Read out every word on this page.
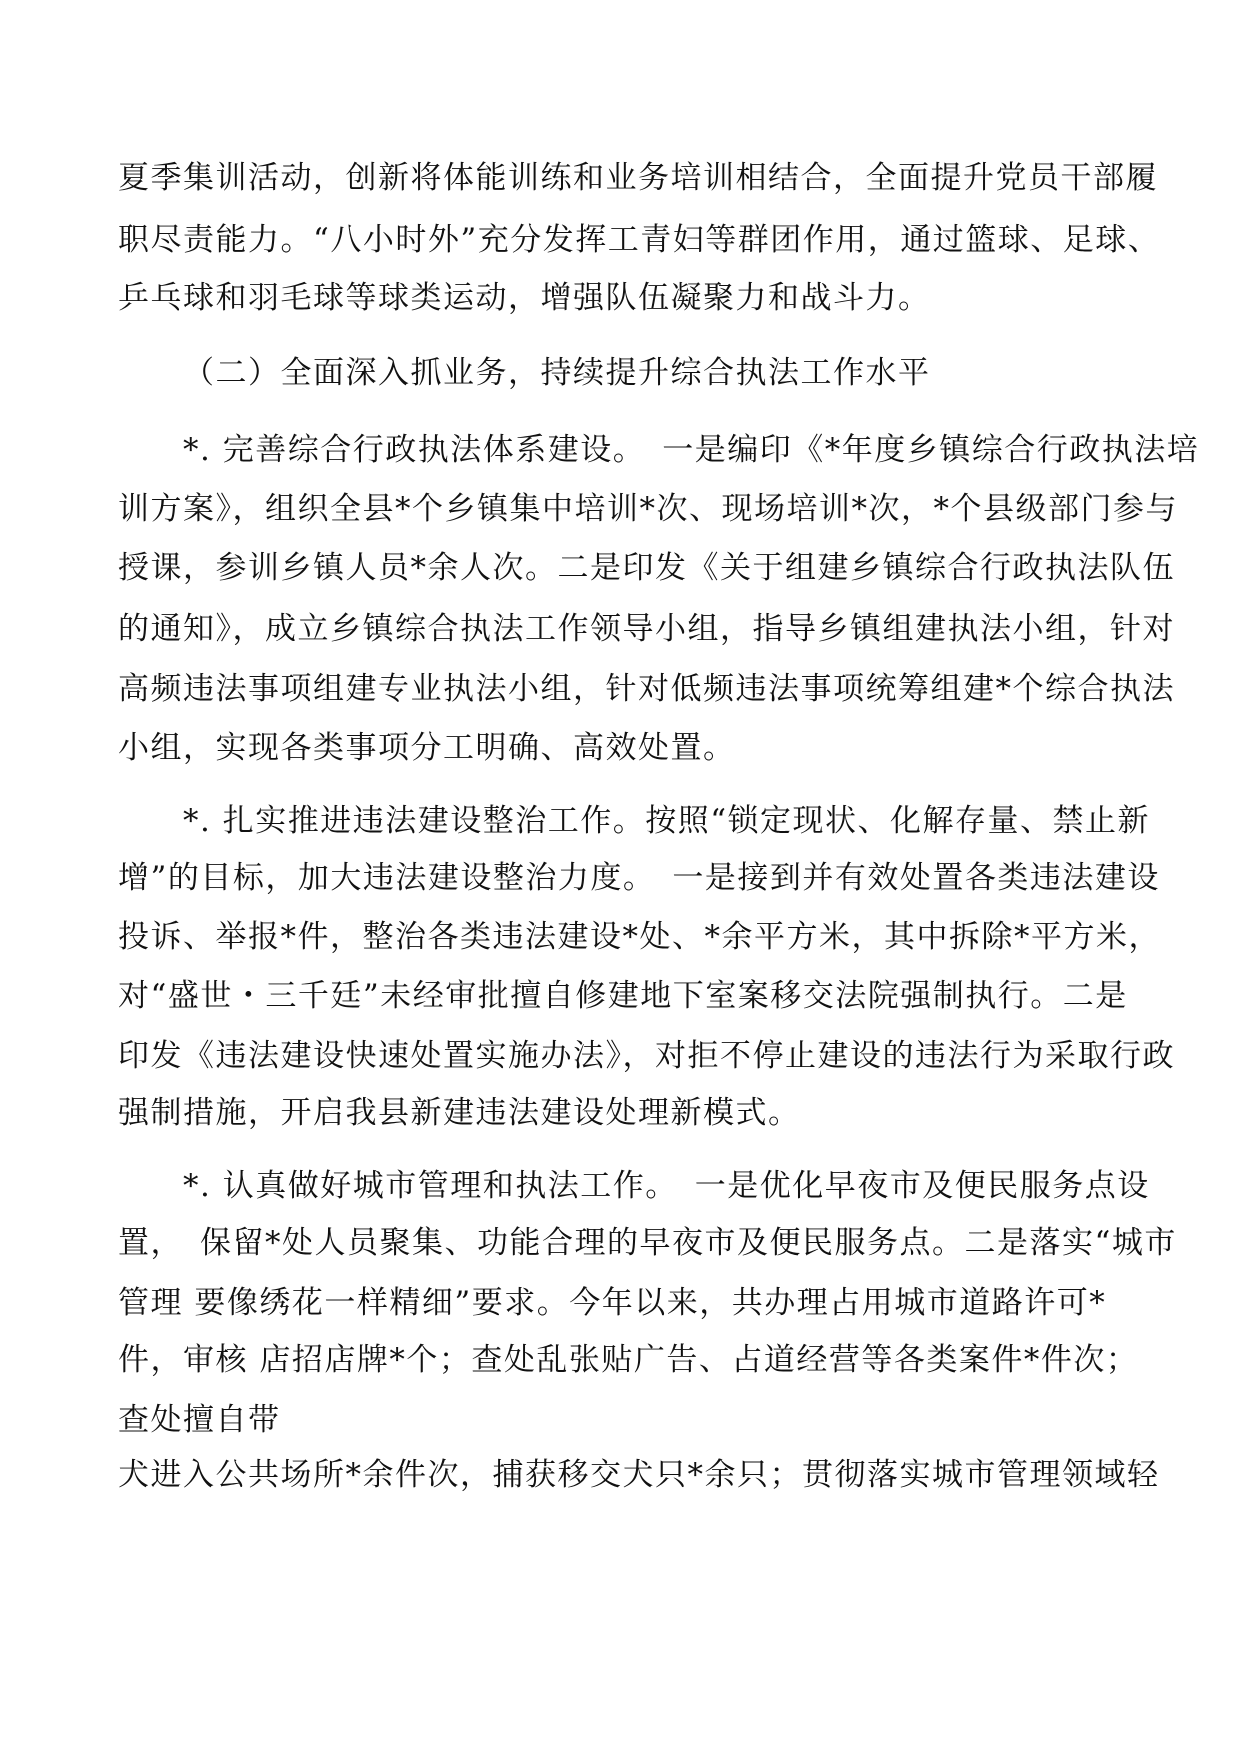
夏季集训活动，创新将体能训练和业务培训相结合，全面提升党员干部履
职尽责能力。“八小时外”充分发挥工青妇等群团作用，通过篮球、足球、
乒乓球和羽毛球等球类运动，增强队伍凝聚力和战斗力。
（二）全面深入抓业务，持续提升综合执法工作水平
*. 完善综合行政执法体系建设。　一是编印《*年度乡镇综合行政执法培
训方案》，组织全县*个乡镇集中培训*次、现场培训*次，*个县级部门参与
授课，参训乡镇人员*余人次。二是印发《关于组建乡镇综合行政执法队伍
的通知》，成立乡镇综合执法工作领导小组，指导乡镇组建执法小组，针对
高频违法事项组建专业执法小组，针对低频违法事项统筹组建*个综合执法
小组，实现各类事项分工明确、高效处置。
*. 扎实推进违法建设整治工作。按照“锁定现状、化解存量、禁止新
增”的目标，加大违法建设整治力度。　一是接到并有效处置各类违法建设
投诉、举报*件，整治各类违法建设*处、*余平方米，其中拆除*平方米，
对“盛世・三千廷”未经审批擅自修建地下室案移交法院强制执行。二是
印发《违法建设快速处置实施办法》，对拒不停止建设的违法行为采取行政
强制措施，开启我县新建违法建设处理新模式。
*. 认真做好城市管理和执法工作。　一是优化早夜市及便民服务点设
置，　保留*处人员聚集、功能合理的早夜市及便民服务点。二是落实“城市
管理 要像绣花一样精细”要求。今年以来，共办理占用城市道路许可*
件，审核 店招店牌*个；查处乱张贴广告、占道经营等各类案件*件次；
查处擅自带
犬进入公共场所*余件次，捕获移交犬只*余只；贯彻落实城市管理领域轻
